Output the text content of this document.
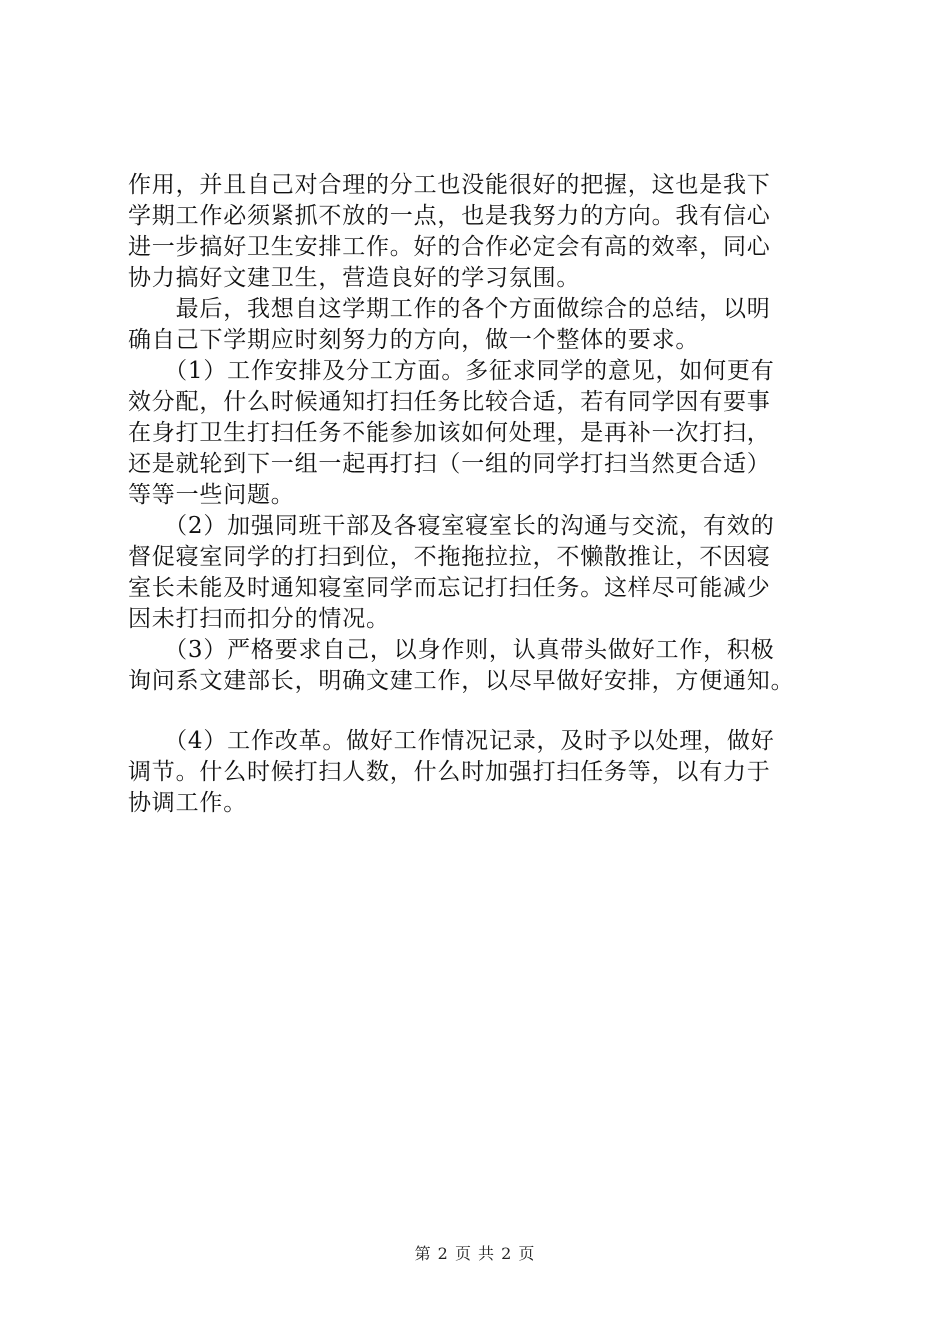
作用，并且自己对合理的分工也没能很好的把握，这也是我下
学期工作必须紧抓不放的一点，也是我努力的方向。我有信心
进一步搞好卫生安排工作。好的合作必定会有高的效率，同心
协力搞好文建卫生，营造良好的学习氛围。
　　最后，我想自这学期工作的各个方面做综合的总结，以明
确自己下学期应时刻努力的方向，做一个整体的要求。
　　（1）工作安排及分工方面。多征求同学的意见，如何更有
效分配，什么时候通知打扫任务比较合适，若有同学因有要事
在身打卫生打扫任务不能参加该如何处理，是再补一次打扫，
还是就轮到下一组一起再打扫（一组的同学打扫当然更合适）
等等一些问题。
　　（2）加强同班干部及各寝室寝室长的沟通与交流，有效的
督促寝室同学的打扫到位，不拖拖拉拉，不懒散推让，不因寝
室长未能及时通知寝室同学而忘记打扫任务。这样尽可能减少
因未打扫而扣分的情况。
　　（3）严格要求自己，以身作则，认真带头做好工作，积极
询问系文建部长，明确文建工作，以尽早做好安排，方便通知。
　　（4）工作改革。做好工作情况记录，及时予以处理，做好
调节。什么时候打扫人数，什么时加强打扫任务等，以有力于
协调工作。
第 2 页 共 2 页
